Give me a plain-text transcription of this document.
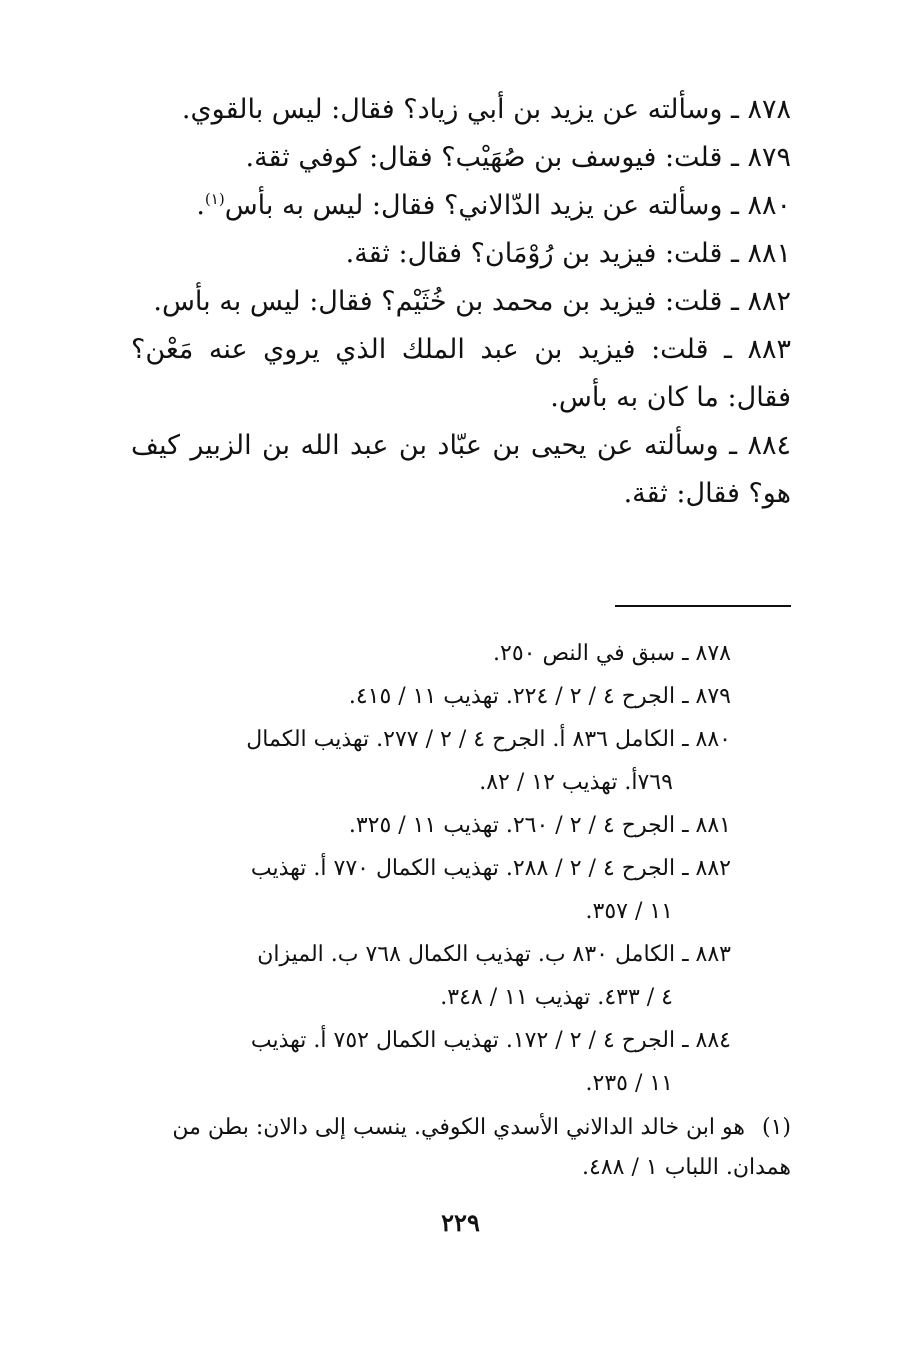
٨٧٨ ـ وسألته عن يزيد بن أبي زياد؟ فقال: ليس بالقوي.
٨٧٩ ـ قلت: فيوسف بن صُهَيْب؟ فقال: كوفي ثقة.
٨٨٠ ـ وسألته عن يزيد الدّالاني؟ فقال: ليس به بأس$^{(١)}$.
٨٨١ ـ قلت: فيزيد بن رُوْمَان؟ فقال: ثقة.
٨٨٢ ـ قلت: فيزيد بن محمد بن خُثَيْم؟ فقال: ليس به بأس.
٨٨٣ ـ قلت: فيزيد بن عبد الملك الذي يروي عنه مَعْن؟ فقال: ما كان به بأس.
٨٨٤ ـ وسألته عن يحيى بن عبّاد بن عبد الله بن الزبير كيف هو؟ فقال: ثقة.
٨٧٨ ـ سبق في النص ٢٥٠.
٨٧٩ ـ الجرح ٤ / ٢ / ٢٢٤. تهذيب ١١ / ٤١٥.
٨٨٠ ـ الكامل ٨٣٦ أ. الجرح ٤ / ٢ / ٢٧٧. تهذيب الكمال
٧٦٩أ. تهذيب ١٢ / ٨٢.
٨٨١ ـ الجرح ٤ / ٢ / ٢٦٠. تهذيب ١١ / ٣٢٥.
٨٨٢ ـ الجرح ٤ / ٢ / ٢٨٨. تهذيب الكمال ٧٧٠ أ. تهذيب
١١ / ٣٥٧.
٨٨٣ ـ الكامل ٨٣٠ ب. تهذيب الكمال ٧٦٨ ب. الميزان
٤ / ٤٣٣. تهذيب ١١ / ٣٤٨.
٨٨٤ ـ الجرح ٤ / ٢ / ١٧٢. تهذيب الكمال ٧٥٢ أ. تهذيب
١١ / ٢٣٥.
(١) هو ابن خالد الدالاني الأسدي الكوفي. ينسب إلى دالان: بطن من همدان. اللباب ١ / ٤٨٨.
٢٢٩
